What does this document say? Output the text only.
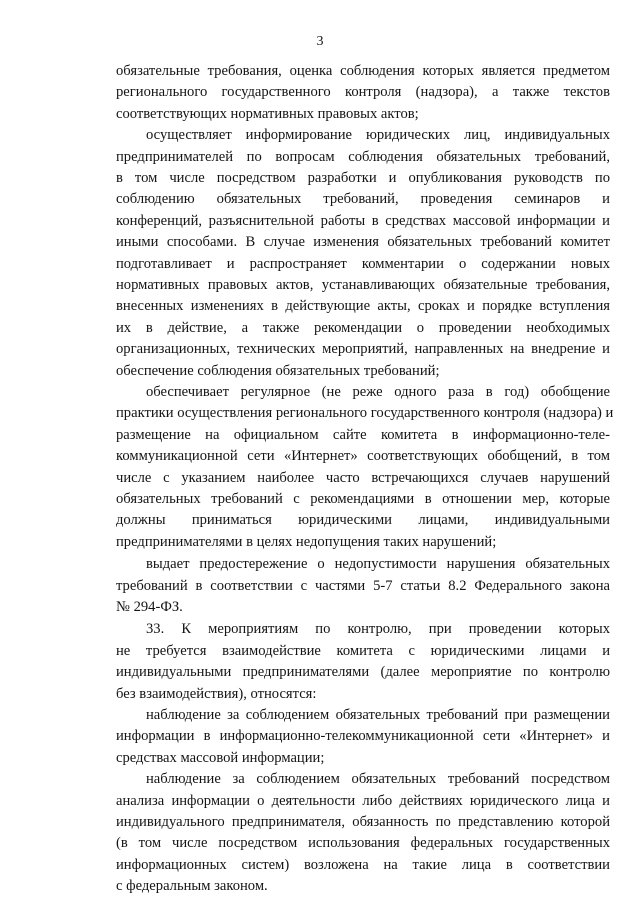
3
обязательные требования, оценка соблюдения которых является предметом
регионального государственного контроля (надзора), а также текстов
соответствующих нормативных правовых актов;
осуществляет информирование юридических лиц, индивидуальных
предпринимателей по вопросам соблюдения обязательных требований,
в том числе посредством разработки и опубликования руководств по
соблюдению обязательных требований, проведения семинаров и
конференций, разъяснительной работы в средствах массовой информации и
иными способами. В случае изменения обязательных требований комитет
подготавливает и распространяет комментарии о содержании новых
нормативных правовых актов, устанавливающих обязательные требования,
внесенных изменениях в действующие акты, сроках и порядке вступления
их в действие, а также рекомендации о проведении необходимых
организационных, технических мероприятий, направленных на внедрение и
обеспечение соблюдения обязательных требований;
обеспечивает регулярное (не реже одного раза в год) обобщение
практики осуществления регионального государственного контроля (надзора) и
размещение на официальном сайте комитета в информационно-теле-
коммуникационной сети «Интернет» соответствующих обобщений, в том
числе с указанием наиболее часто встречающихся случаев нарушений
обязательных требований с рекомендациями в отношении мер, которые
должны приниматься юридическими лицами, индивидуальными
предпринимателями в целях недопущения таких нарушений;
выдает предостережение о недопустимости нарушения обязательных
требований в соответствии с частями 5-7 статьи 8.2 Федерального закона
№ 294-ФЗ.
33. К мероприятиям по контролю, при проведении которых
не требуется взаимодействие комитета с юридическими лицами и
индивидуальными предпринимателями (далее мероприятие по контролю
без взаимодействия), относятся:
наблюдение за соблюдением обязательных требований при размещении
информации в информационно-телекоммуникационной сети «Интернет» и
средствах массовой информации;
наблюдение за соблюдением обязательных требований посредством
анализа информации о деятельности либо действиях юридического лица и
индивидуального предпринимателя, обязанность по представлению которой
(в том числе посредством использования федеральных государственных
информационных систем) возложена на такие лица в соответствии
с федеральным законом.
